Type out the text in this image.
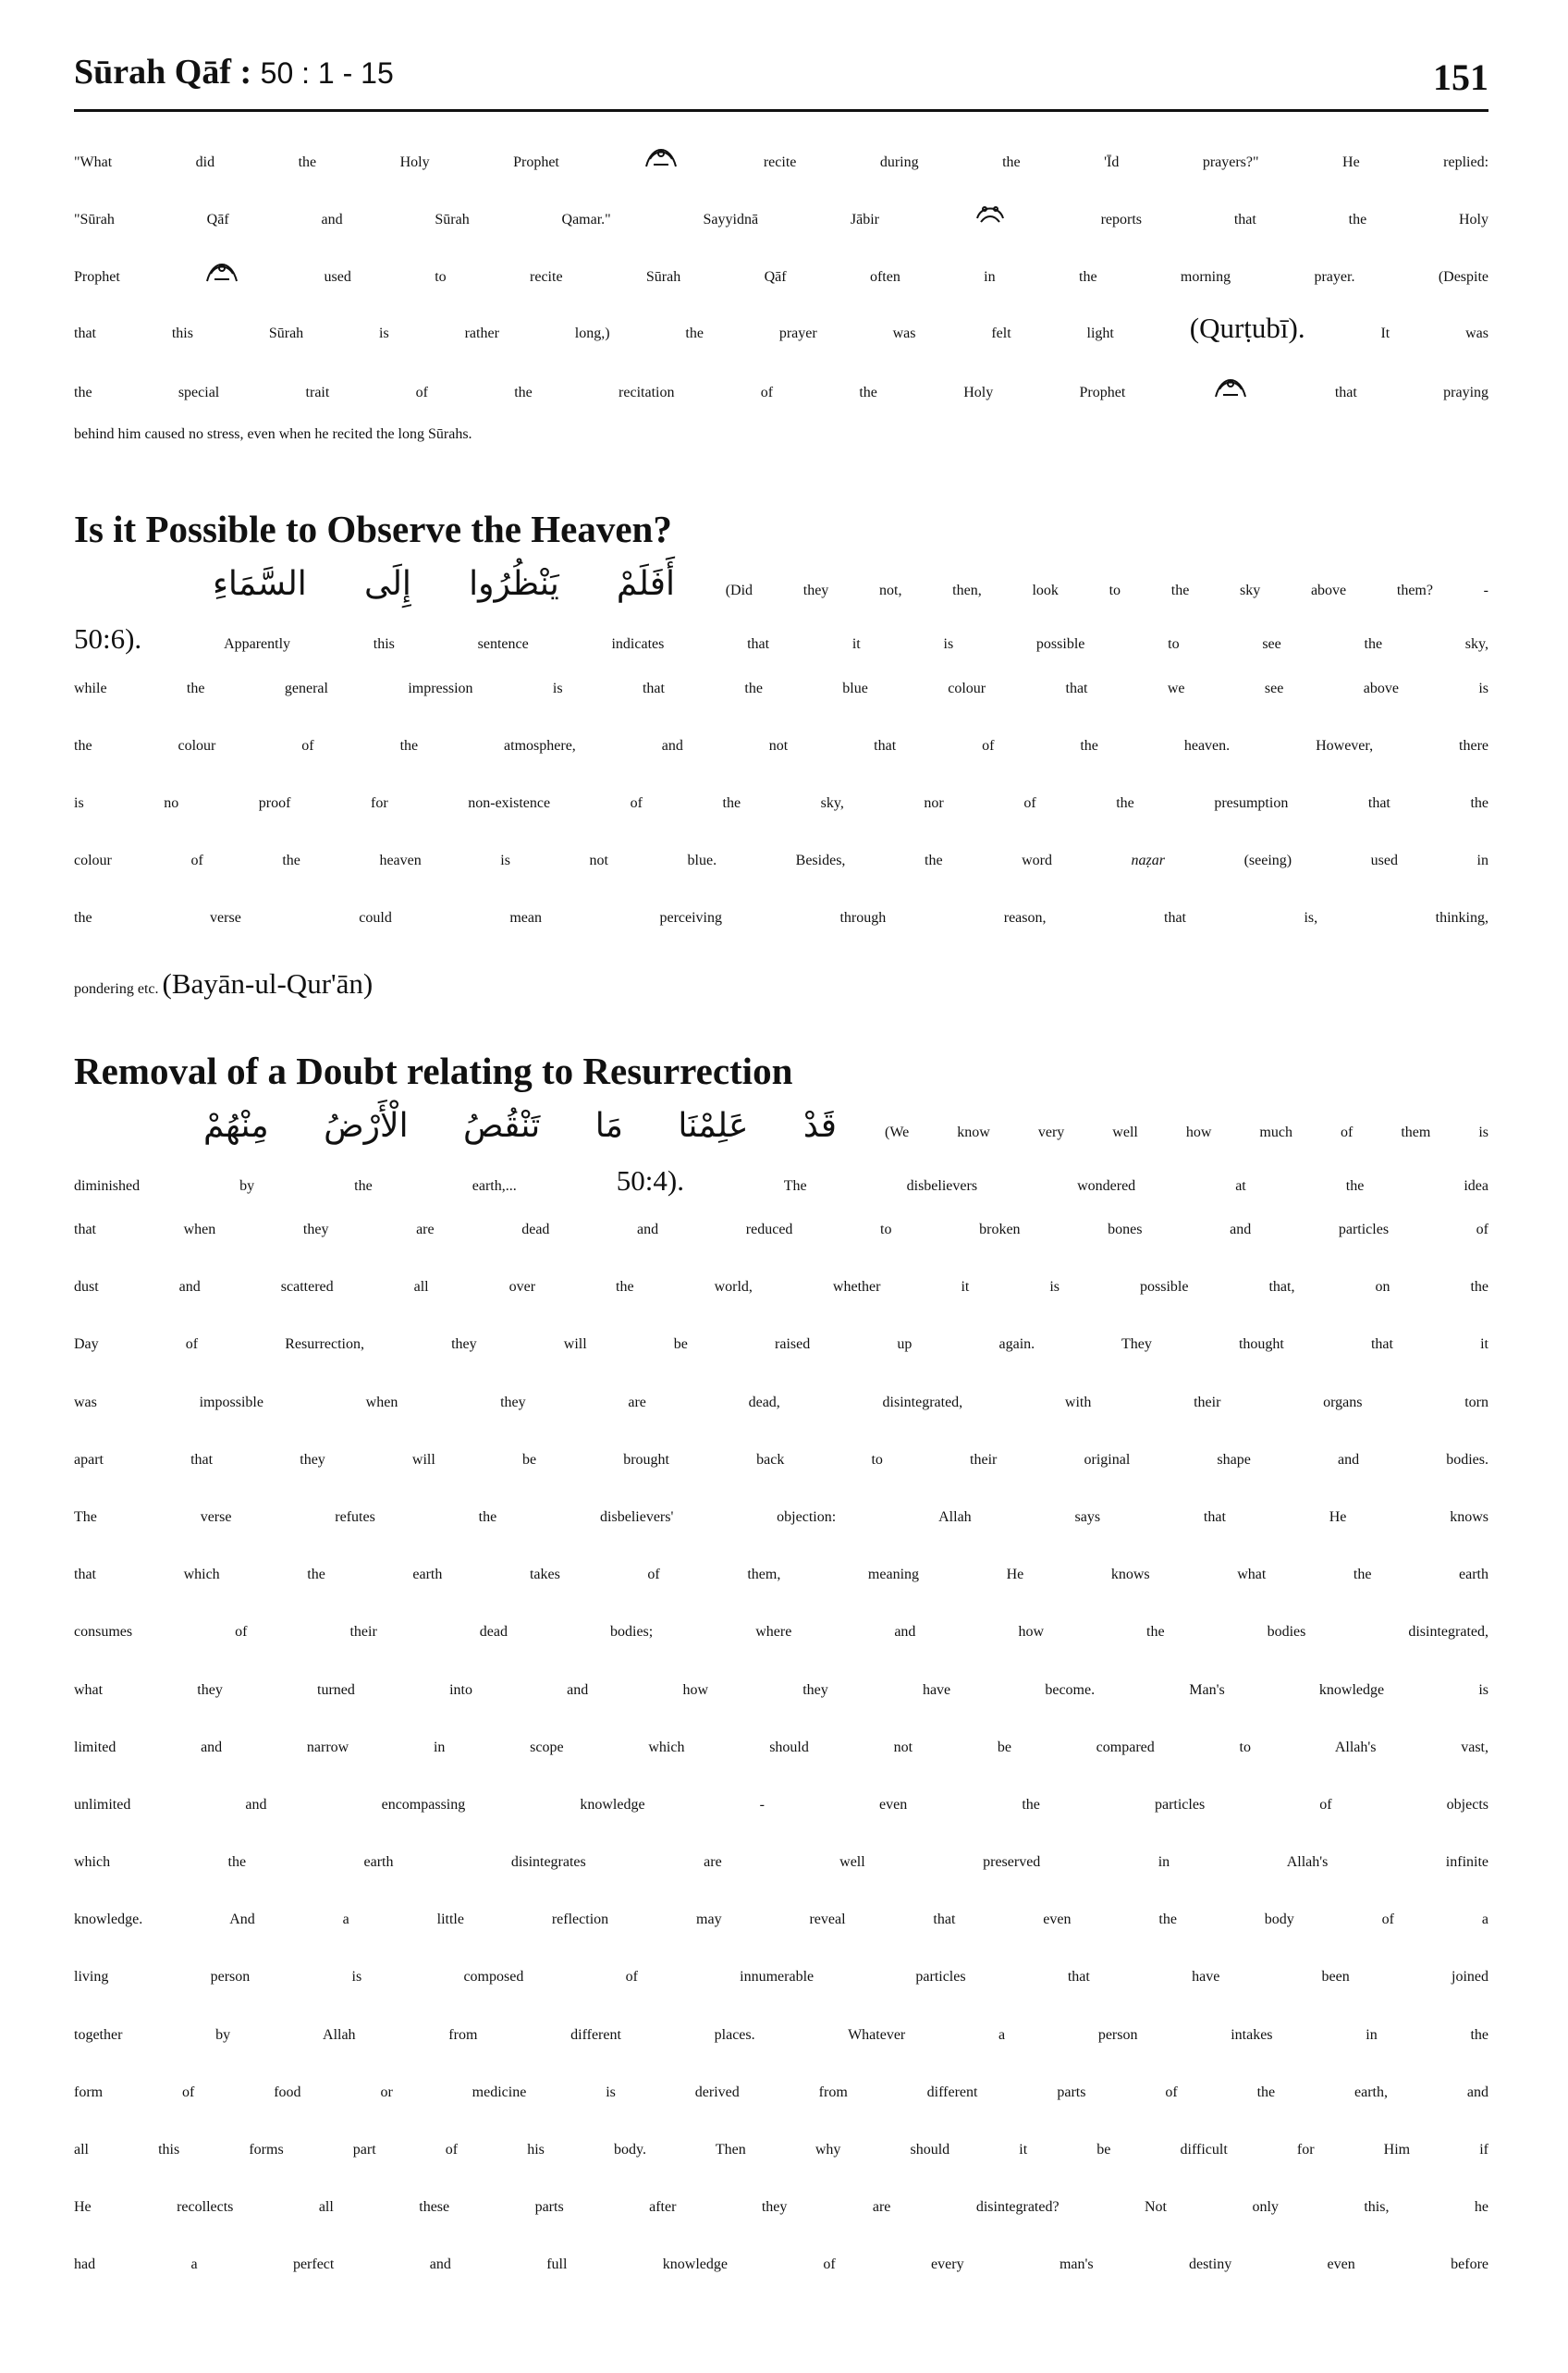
Sūrah Qāf : 50 : 1 - 15	151
"What did the Holy Prophet	recite during the 'Īd prayers?" He replied:
"Sūrah Qāf and Sūrah Qamar." Sayyidnā Jābir	reports that the Holy
Prophet	used to recite Sūrah Qāf often in the morning prayer. (Despite
that this Sūrah is rather long,) the prayer was felt light	(Qurṭubī).	It was
the special trait of the recitation of the Holy Prophet	that praying
behind him caused no stress, even when he recited the long Sūrahs.
Is it Possible to Observe the Heaven?
أَفَلَمْ يَنْظُرُوا إِلَى السَّمَاءِ	(Did they not, then, look to the sky above them? -
50:6).	Apparently this sentence indicates that it is possible to see the sky,
while the general impression is that the blue colour that we see above is
the colour of the atmosphere, and not that of the heaven. However, there
is no proof for non-existence of the sky, nor of the presumption that the
colour of the heaven is not blue. Besides, the word	naẓar	(seeing) used in
the verse could mean perceiving through reason, that is, thinking,
pondering etc. (Bayān-ul-Qur'ān)
Removal of a Doubt relating to Resurrection
قَدْ عَلِمْنَا مَا تَنْقُصُ الْأَرْضُ مِنْهُمْ	(We know very well how much of them is
diminished by the earth,...	50:4).	The disbelievers wondered at the idea
that when they are dead and reduced to broken bones and particles of
dust and scattered all over the world, whether it is possible that, on the
Day of Resurrection, they will be raised up again. They thought that it
was impossible when they are dead, disintegrated, with their organs torn
apart that they will be brought back to their original shape and bodies.
The verse refutes the disbelievers' objection: Allah says that He knows
that which the earth takes of them, meaning He knows what the earth
consumes of their dead bodies; where and how the bodies disintegrated,
what they turned into and how they have become. Man's knowledge is
limited and narrow in scope which should not be compared to Allah's vast,
unlimited and encompassing knowledge - even the particles of objects
which the earth disintegrates are well preserved in Allah's infinite
knowledge. And a little reflection may reveal that even the body of a
living person is composed of innumerable particles that have been joined
together by Allah from different places. Whatever a person intakes in the
form of food or medicine is derived from different parts of the earth, and
all this forms part of his body. Then why should it be difficult for Him if
He recollects all these parts after they are disintegrated? Not only this, he
had a perfect and full knowledge of every man's destiny even before
